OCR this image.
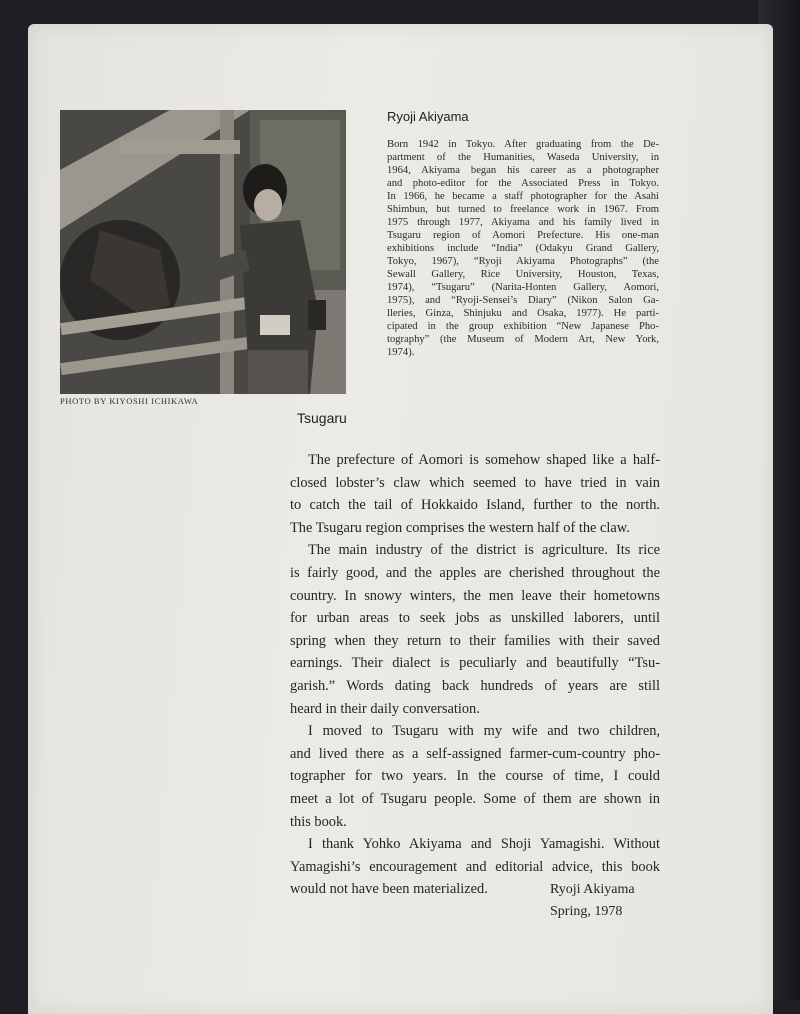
PHOTO BY KIYOSHI ICHIKAWA
Ryoji Akiyama
Born 1942 in Tokyo. After graduating from the De-
partment of the Humanities, Waseda University, in
1964, Akiyama began his career as a photographer
and photo-editor for the Associated Press in Tokyo.
In 1966, he became a staff photographer for the Asahi
Shimbun, but turned to freelance work in 1967. From
1975 through 1977, Akiyama and his family lived in
Tsugaru region of Aomori Prefecture. His one-man
exhibitions include “India” (Odakyu Grand Gallery,
Tokyo, 1967), “Ryoji Akiyama Photographs” (the
Sewall Gallery, Rice University, Houston, Texas,
1974), “Tsugaru” (Narita-Honten Gallery, Aomori,
1975), and “Ryoji-Sensei’s Diary” (Nikon Salon Ga-
lleries, Ginza, Shinjuku and Osaka, 1977). He parti-
cipated in the group exhibition “New Japanese Pho-
tography” (the Museum of Modern Art, New York,
1974).
Tsugaru
The prefecture of Aomori is somehow shaped like a half-
closed lobster’s claw which seemed to have tried in vain
to catch the tail of Hokkaido Island, further to the north.
The Tsugaru region comprises the western half of the claw.
The main industry of the district is agriculture. Its rice
is fairly good, and the apples are cherished throughout the
country. In snowy winters, the men leave their hometowns
for urban areas to seek jobs as unskilled laborers, until
spring when they return to their families with their saved
earnings. Their dialect is peculiarly and beautifully “Tsu-
garish.” Words dating back hundreds of years are still
heard in their daily conversation.
I moved to Tsugaru with my wife and two children,
and lived there as a self-assigned farmer-cum-country pho-
tographer for two years. In the course of time, I could
meet a lot of Tsugaru people. Some of them are shown in
this book.
I thank Yohko Akiyama and Shoji Yamagishi. Without
Yamagishi’s encouragement and editorial advice, this book
would not have been materialized.	Ryoji Akiyama
Spring, 1978
